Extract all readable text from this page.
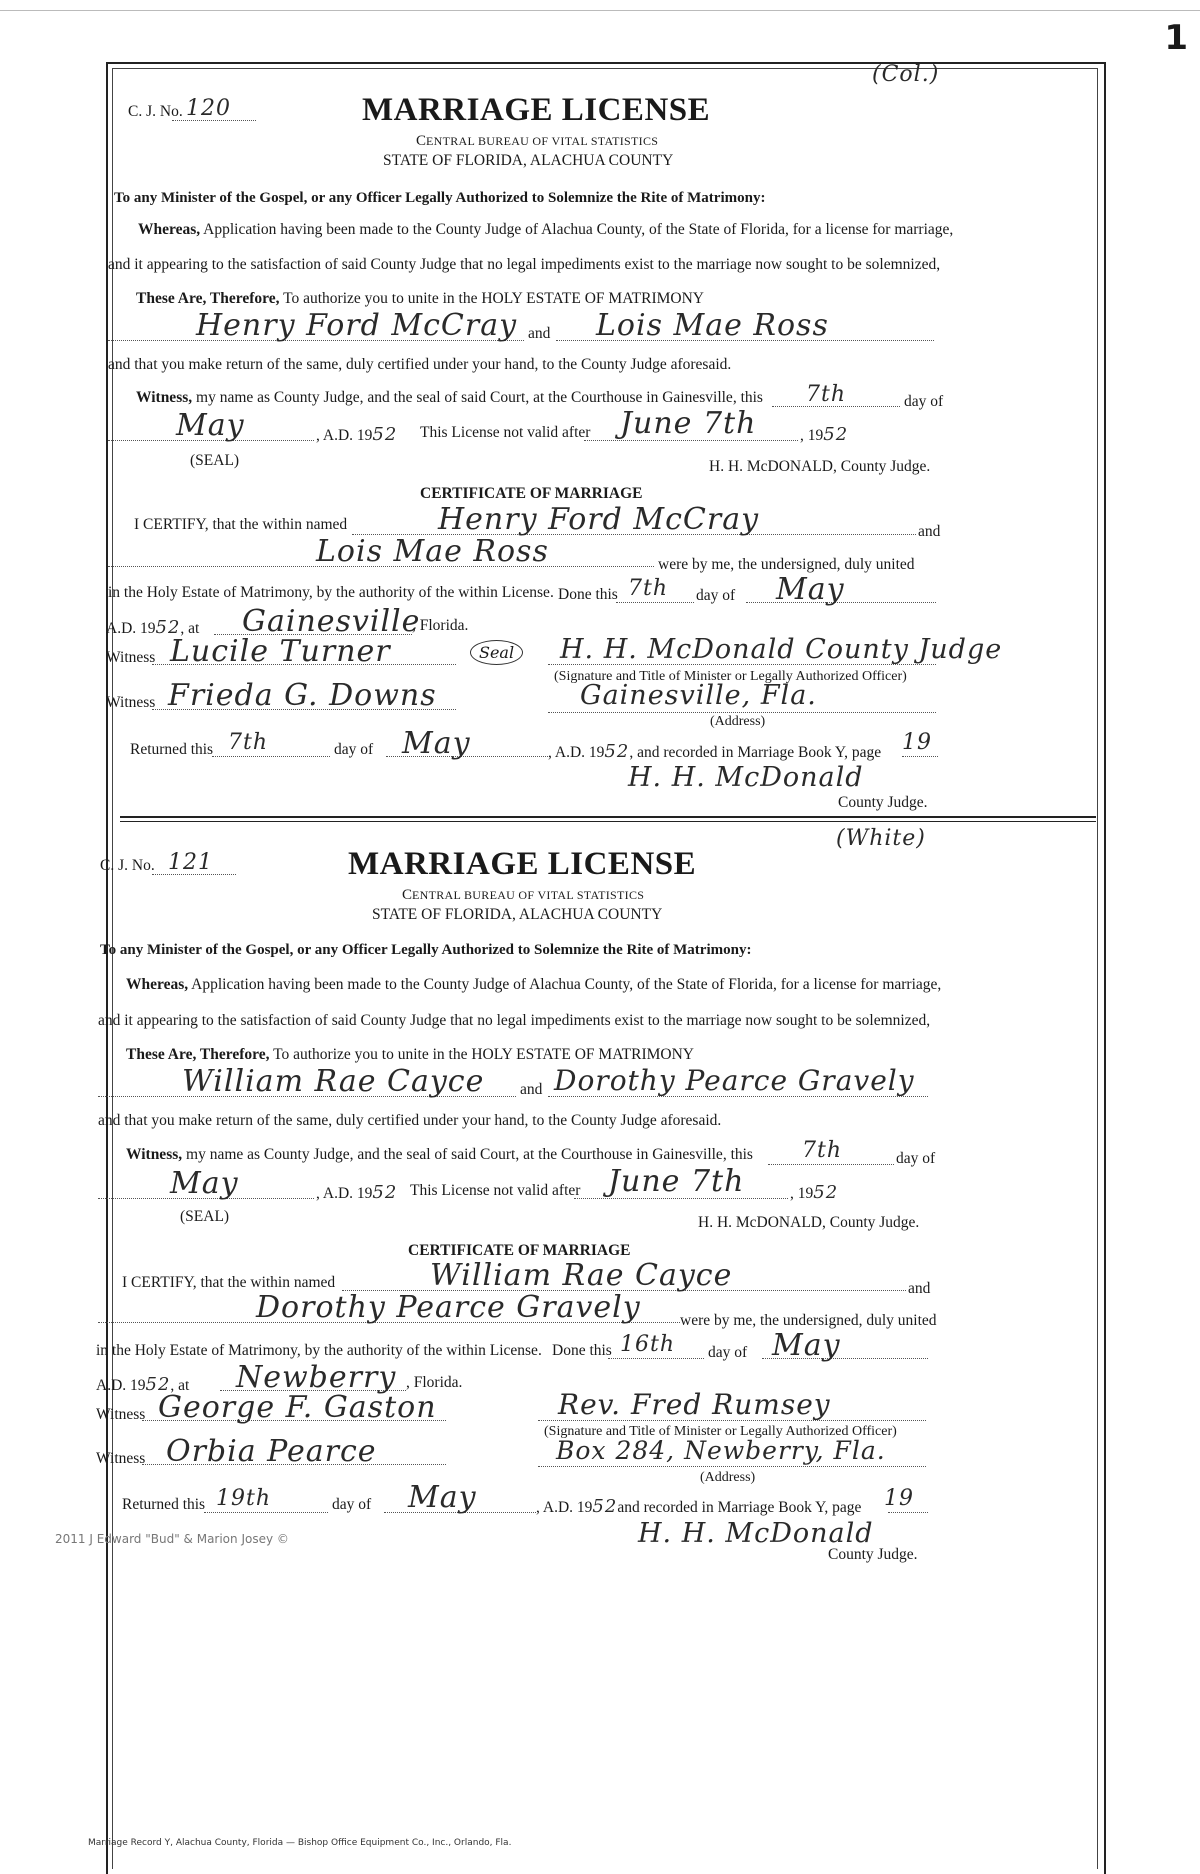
1
(Col.)
C. J. No. 120	MARRIAGE LICENSE
CENTRAL BUREAU OF VITAL STATISTICS
STATE OF FLORIDA, ALACHUA COUNTY
To any Minister of the Gospel, or any Officer Legally Authorized to Solemnize the Rite of Matrimony:
Whereas, Application having been made to the County Judge of Alachua County, of the State of Florida, for a license for marriage,
and it appearing to the satisfaction of said County Judge that no legal impediments exist to the marriage now sought to be solemnized,
These Are, Therefore, To authorize you to unite in the HOLY ESTATE OF MATRIMONY
Henry Ford McCray and Lois Mae Ross
and that you make return of the same, duly certified under your hand, to the County Judge aforesaid.
Witness, my name as County Judge, and the seal of said Court, at the Courthouse in Gainesville, this 7th	day of
May	, A.D. 1952 This License not valid after June 7th	, 1952
(SEAL)	H. H. McDONALD, County Judge.
CERTIFICATE OF MARRIAGE
I CERTIFY, that the within named	Henry Ford McCray	and
Lois Mae Ross	were by me, the undersigned, duly united
in the Holy Estate of Matrimony, by the authority of the within License. Done this 7th day of May
A.D. 1952, at Gainesville
, Florida.
Witness Lucile Turner	Seal	H. H. McDonald County Judge
(Signature and Title of Minister or Legally Authorized Officer)
Witness Frieda G. Downs	Gainesville, Fla.
(Address)
Returned this 7th	day of May	, A.D. 1952, and recorded in Marriage Book Y, page 19
H. H. McDonald
County Judge.
(White)
C. J. No. 121	MARRIAGE LICENSE
CENTRAL BUREAU OF VITAL STATISTICS
STATE OF FLORIDA, ALACHUA COUNTY
To any Minister of the Gospel, or any Officer Legally Authorized to Solemnize the Rite of Matrimony:
Whereas, Application having been made to the County Judge of Alachua County, of the State of Florida, for a license for marriage,
and it appearing to the satisfaction of said County Judge that no legal impediments exist to the marriage now sought to be solemnized,
These Are, Therefore, To authorize you to unite in the HOLY ESTATE OF MATRIMONY
William Rae Cayce and Dorothy Pearce Gravely
and that you make return of the same, duly certified under your hand, to the County Judge aforesaid.
Witness, my name as County Judge, and the seal of said Court, at the Courthouse in Gainesville, this 7th	day of
May	, A.D. 1952 This License not valid after June 7th	, 1952
(SEAL)	H. H. McDONALD, County Judge.
CERTIFICATE OF MARRIAGE
I CERTIFY, that the within named	William Rae Cayce	and
Dorothy Pearce Gravely	were by me, the undersigned, duly united
in the Holy Estate of Matrimony, by the authority of the within License. Done this 16th day of May
A.D. 1952, at Newberry , Florida.
Witness George F. Gaston	Rev. Fred Rumsey
(Signature and Title of Minister or Legally Authorized Officer)
Witness Orbia Pearce	Box 284, Newberry, Fla.
(Address)
Returned this 19th	day of May	, A.D. 1952and recorded in Marriage Book Y, page 19
H. H. McDonald
County Judge.
2011 J Edward "Bud" & Marion Josey ©
Marriage Record Y, Alachua County, Florida — Bishop Office Equipment Co., Inc., Orlando, Fla.
